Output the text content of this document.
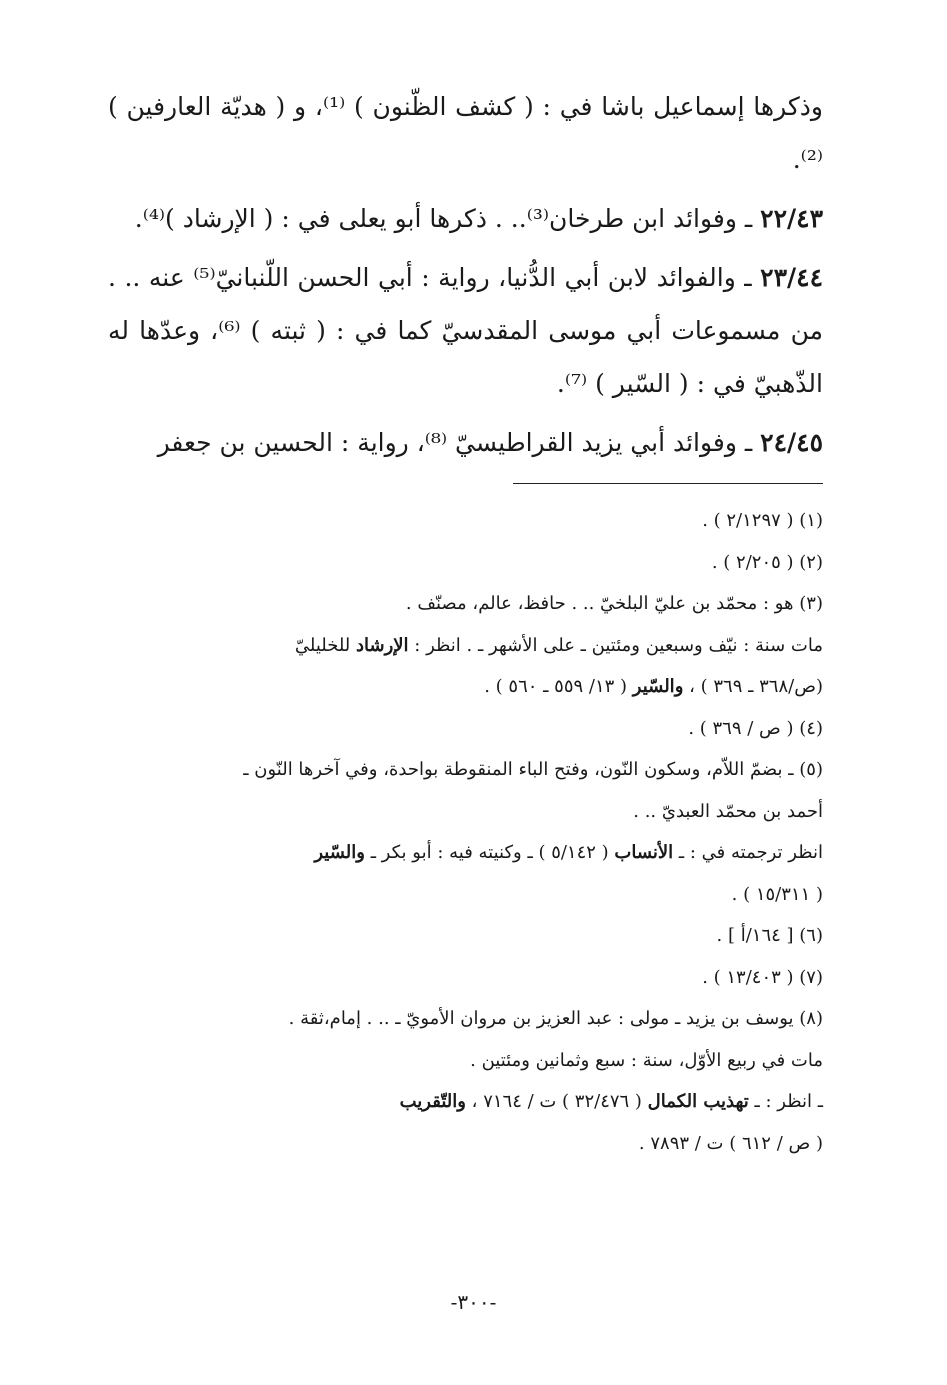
وذكرها إسماعيل باشا في : ( كشف الظّنون ) ⁽¹⁾، و ( هديّة العارفين ) ⁽²⁾.

٢٢/٤٣ ـ وفوائد ابن طرخان⁽³⁾.. . ذكرها أبو يعلى في : ( الإرشاد )⁽⁴⁾.

٢٣/٤٤ ـ والفوائد لابن أبي الدُّنيا، رواية : أبي الحسن اللّنبانيّ⁽⁵⁾ عنه .. . من مسموعات أبي موسى المقدسيّ كما في : ( ثبته ) ⁽⁶⁾، وعدّها له الذّهبيّ في : ( السّير ) ⁽⁷⁾.

٢٤/٤٥ ـ وفوائد أبي يزيد القراطيسيّ ⁽⁸⁾، رواية : الحسين بن جعفر

(١) ( ٢/١٢٩٧ ) .

(٢) ( ٢/٢٠٥ ) .

(٣) هو : محمّد بن عليّ البلخيّ .. . حافظ، عالم، مصنّف .

مات سنة : نيّف وسبعين ومئتين ـ على الأشهر ـ . انظر : الإرشاد للخليليّ

(ص/٣٦٨ ـ ٣٦٩ ) ، والسّير ( ١٣/ ٥٥٩ ـ ٥٦٠ ) .

(٤) ( ص / ٣٦٩ ) .

(٥) ـ بضمّ اللاّم، وسكون النّون، وفتح الباء المنقوطة بواحدة، وفي آخرها النّون ـ

أحمد بن محمّد العبديّ .. .

انظر ترجمته في : ـ الأنساب ( ٥/١٤٢ ) ـ وكنيته فيه : أبو بكر ـ والسّير

( ١٥/٣١١ ) .

(٦) [ ١٦٤/أ ] .

(٧) ( ١٣/٤٠٣ ) .

(٨) يوسف بن يزيد ـ مولى : عبد العزيز بن مروان الأمويّ ـ .. . إمام،ثقة .

مات في ربيع الأوّل، سنة : سبع وثمانين ومئتين .

ـ انظر : ـ تهذيب الكمال ( ٣٢/٤٧٦ ) ت / ٧١٦٤ ، والتّقريب

( ص / ٦١٢ ) ت / ٧٨٩٣ .

-٣٠٠-
